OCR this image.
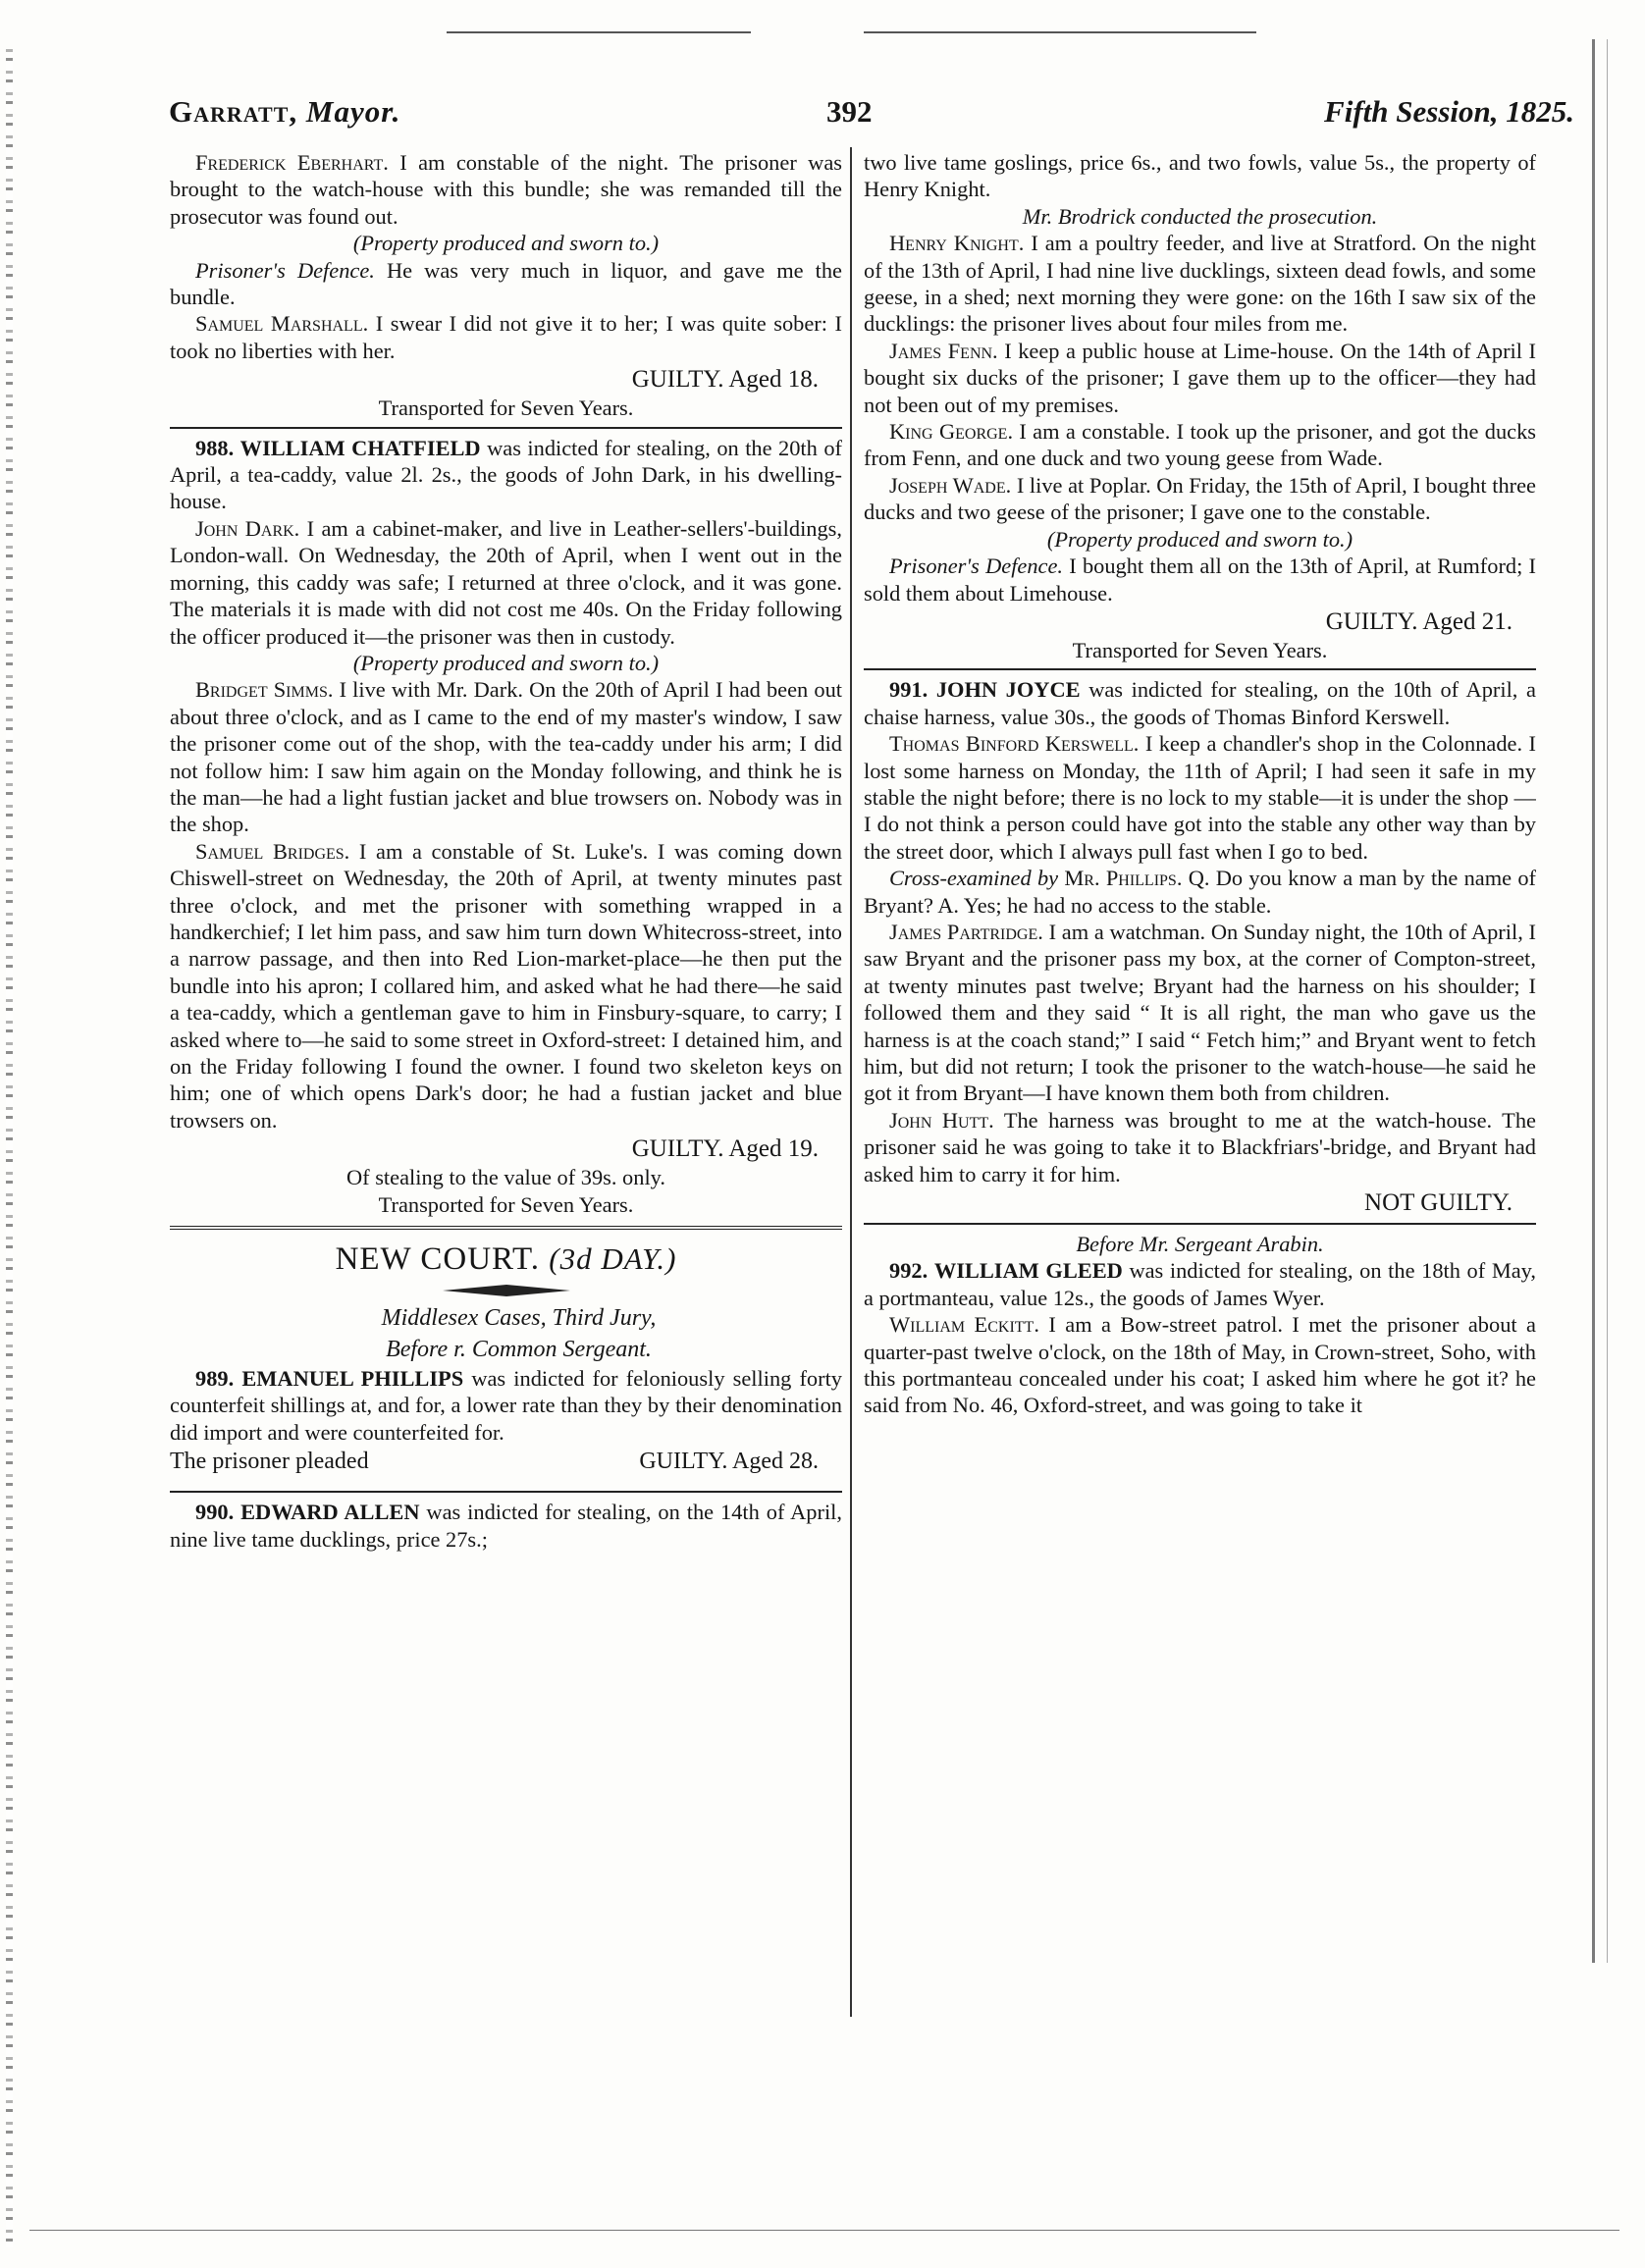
Garratt, Mayor.	392	Fifth Session, 1825.

Frederick Eberhart. I am constable of the night. The prisoner was brought to the watch-house with this bundle; she was remanded till the prosecutor was found out.

(Property produced and sworn to.)

Prisoner's Defence. He was very much in liquor, and gave me the bundle.

Samuel Marshall. I swear I did not give it to her; I was quite sober: I took no liberties with her.

GUILTY. Aged 18.

Transported for Seven Years.

988. WILLIAM CHATFIELD was indicted for stealing, on the 20th of April, a tea-caddy, value 2l. 2s., the goods of John Dark, in his dwelling-house.

John Dark. I am a cabinet-maker, and live in Leather-sellers'-buildings, London-wall. On Wednesday, the 20th of April, when I went out in the morning, this caddy was safe; I returned at three o'clock, and it was gone. The materials it is made with did not cost me 40s. On the Friday following the officer produced it—the prisoner was then in custody.

(Property produced and sworn to.)

Bridget Simms. I live with Mr. Dark. On the 20th of April I had been out about three o'clock, and as I came to the end of my master's window, I saw the prisoner come out of the shop, with the tea-caddy under his arm; I did not follow him: I saw him again on the Monday following, and think he is the man—he had a light fustian jacket and blue trowsers on. Nobody was in the shop.

Samuel Bridges. I am a constable of St. Luke's. I was coming down Chiswell-street on Wednesday, the 20th of April, at twenty minutes past three o'clock, and met the prisoner with something wrapped in a handkerchief; I let him pass, and saw him turn down Whitecross-street, into a narrow passage, and then into Red Lion-market-place—he then put the bundle into his apron; I collared him, and asked what he had there—he said a tea-caddy, which a gentleman gave to him in Finsbury-square, to carry; I asked where to—he said to some street in Oxford-street: I detained him, and on the Friday following I found the owner. I found two skeleton keys on him; one of which opens Dark's door; he had a fustian jacket and blue trowsers on.

GUILTY. Aged 19.

Of stealing to the value of 39s. only.

Transported for Seven Years.

NEW COURT. (3d DAY.)

Middlesex Cases, Third Jury,

Before r. Common Sergeant.

989. EMANUEL PHILLIPS was indicted for feloniously selling forty counterfeit shillings at, and for, a lower rate than they by their denomination did import and were counterfeited for.

The prisoner pleaded	GUILTY. Aged 28.

990. EDWARD ALLEN was indicted for stealing, on the 14th of April, nine live tame ducklings, price 27s.;

two live tame goslings, price 6s., and two fowls, value 5s., the property of Henry Knight.

Mr. Brodrick conducted the prosecution.

Henry Knight. I am a poultry feeder, and live at Stratford. On the night of the 13th of April, I had nine live ducklings, sixteen dead fowls, and some geese, in a shed; next morning they were gone: on the 16th I saw six of the ducklings: the prisoner lives about four miles from me.

James Fenn. I keep a public house at Lime-house. On the 14th of April I bought six ducks of the prisoner; I gave them up to the officer—they had not been out of my premises.

King George. I am a constable. I took up the prisoner, and got the ducks from Fenn, and one duck and two young geese from Wade.

Joseph Wade. I live at Poplar. On Friday, the 15th of April, I bought three ducks and two geese of the prisoner; I gave one to the constable.

(Property produced and sworn to.)

Prisoner's Defence. I bought them all on the 13th of April, at Rumford; I sold them about Limehouse.

GUILTY. Aged 21.

Transported for Seven Years.

991. JOHN JOYCE was indicted for stealing, on the 10th of April, a chaise harness, value 30s., the goods of Thomas Binford Kerswell.

Thomas Binford Kerswell. I keep a chandler's shop in the Colonnade. I lost some harness on Monday, the 11th of April; I had seen it safe in my stable the night before; there is no lock to my stable—it is under the shop —I do not think a person could have got into the stable any other way than by the street door, which I always pull fast when I go to bed.

Cross-examined by Mr. Phillips. Q. Do you know a man by the name of Bryant? A. Yes; he had no access to the stable.

James Partridge. I am a watchman. On Sunday night, the 10th of April, I saw Bryant and the prisoner pass my box, at the corner of Compton-street, at twenty minutes past twelve; Bryant had the harness on his shoulder; I followed them and they said “ It is all right, the man who gave us the harness is at the coach stand;” I said “ Fetch him;” and Bryant went to fetch him, but did not return; I took the prisoner to the watch-house—he said he got it from Bryant—I have known them both from children.

John Hutt. The harness was brought to me at the watch-house. The prisoner said he was going to take it to Blackfriars'-bridge, and Bryant had asked him to carry it for him.

NOT GUILTY.

Before Mr. Sergeant Arabin.

992. WILLIAM GLEED was indicted for stealing, on the 18th of May, a portmanteau, value 12s., the goods of James Wyer.

William Eckitt. I am a Bow-street patrol. I met the prisoner about a quarter-past twelve o'clock, on the 18th of May, in Crown-street, Soho, with this portmanteau concealed under his coat; I asked him where he got it? he said from No. 46, Oxford-street, and was going to take it
